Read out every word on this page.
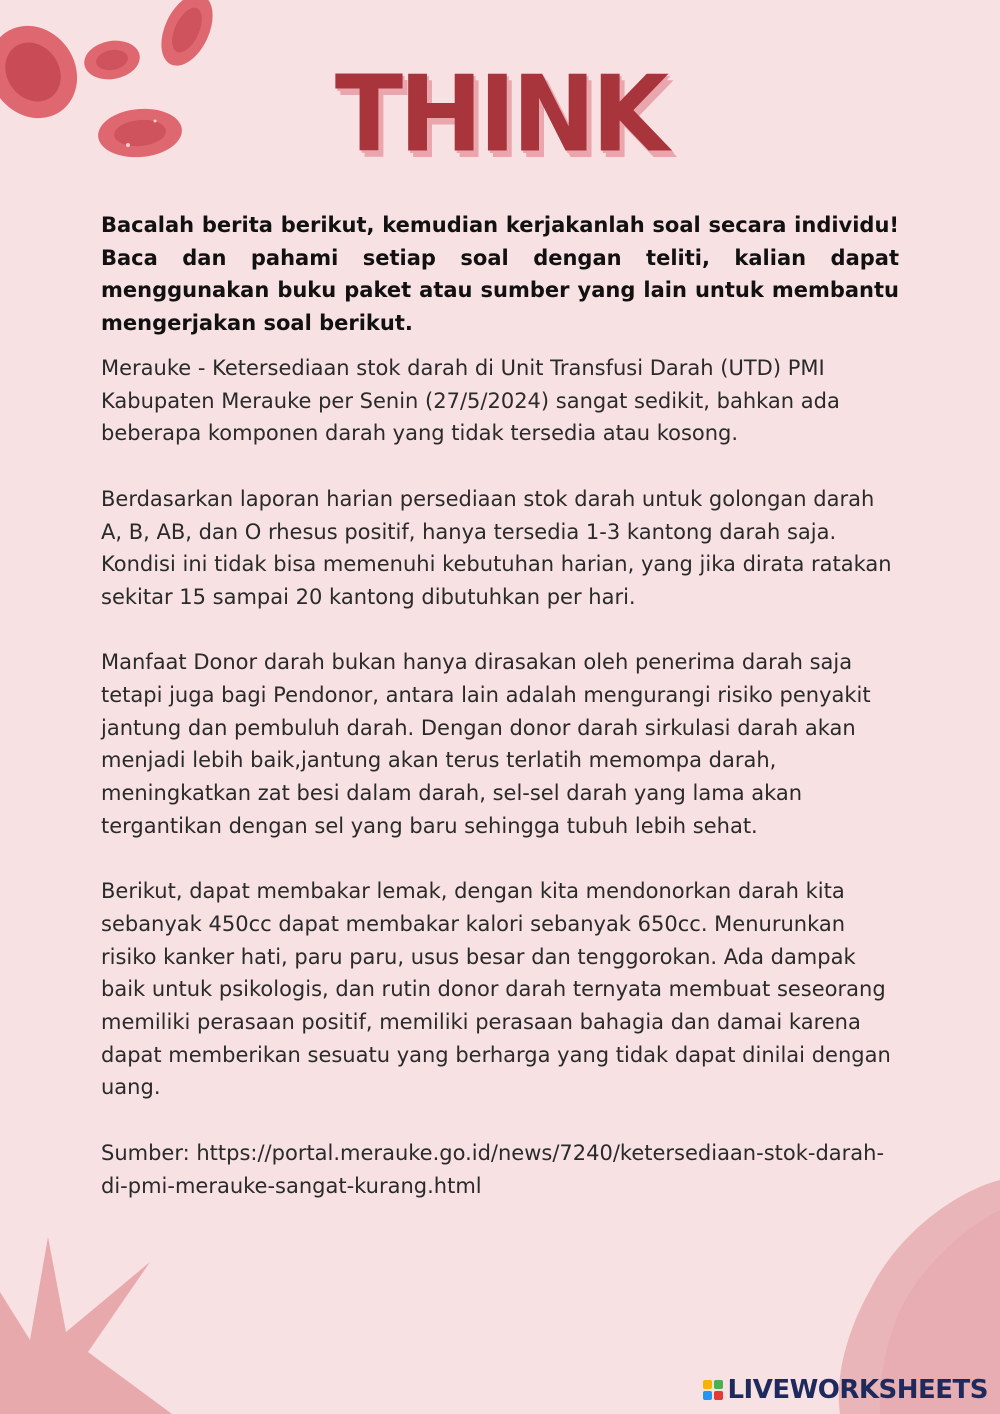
THINK

Bacalah berita berikut, kemudian kerjakanlah soal secara individu! Baca dan pahami setiap soal dengan teliti, kalian dapat menggunakan buku paket atau sumber yang lain untuk membantu mengerjakan soal berikut.

Merauke - Ketersediaan stok darah di Unit Transfusi Darah (UTD) PMI Kabupaten Merauke per Senin (27/5/2024) sangat sedikit, bahkan ada beberapa komponen darah yang tidak tersedia atau kosong.

Berdasarkan laporan harian persediaan stok darah untuk golongan darah A, B, AB, dan O rhesus positif, hanya tersedia 1-3 kantong darah saja. Kondisi ini tidak bisa memenuhi kebutuhan harian, yang jika dirata ratakan sekitar 15 sampai 20 kantong dibutuhkan per hari.

Manfaat Donor darah bukan hanya dirasakan oleh penerima darah saja tetapi juga bagi Pendonor, antara lain adalah mengurangi risiko penyakit jantung dan pembuluh darah. Dengan donor darah sirkulasi darah akan menjadi lebih baik,jantung akan terus terlatih memompa darah, meningkatkan zat besi dalam darah, sel-sel darah yang lama akan tergantikan dengan sel yang baru sehingga tubuh lebih sehat.

Berikut, dapat membakar lemak, dengan kita mendonorkan darah kita sebanyak 450cc dapat membakar kalori sebanyak 650cc. Menurunkan risiko kanker hati, paru paru, usus besar dan tenggorokan. Ada dampak baik untuk psikologis, dan rutin donor darah ternyata membuat seseorang memiliki perasaan positif, memiliki perasaan bahagia dan damai karena dapat memberikan sesuatu yang berharga yang tidak dapat dinilai dengan uang.

Sumber: https://portal.merauke.go.id/news/7240/ketersediaan-stok-darah-di-pmi-merauke-sangat-kurang.html

LIVEWORKSHEETS
